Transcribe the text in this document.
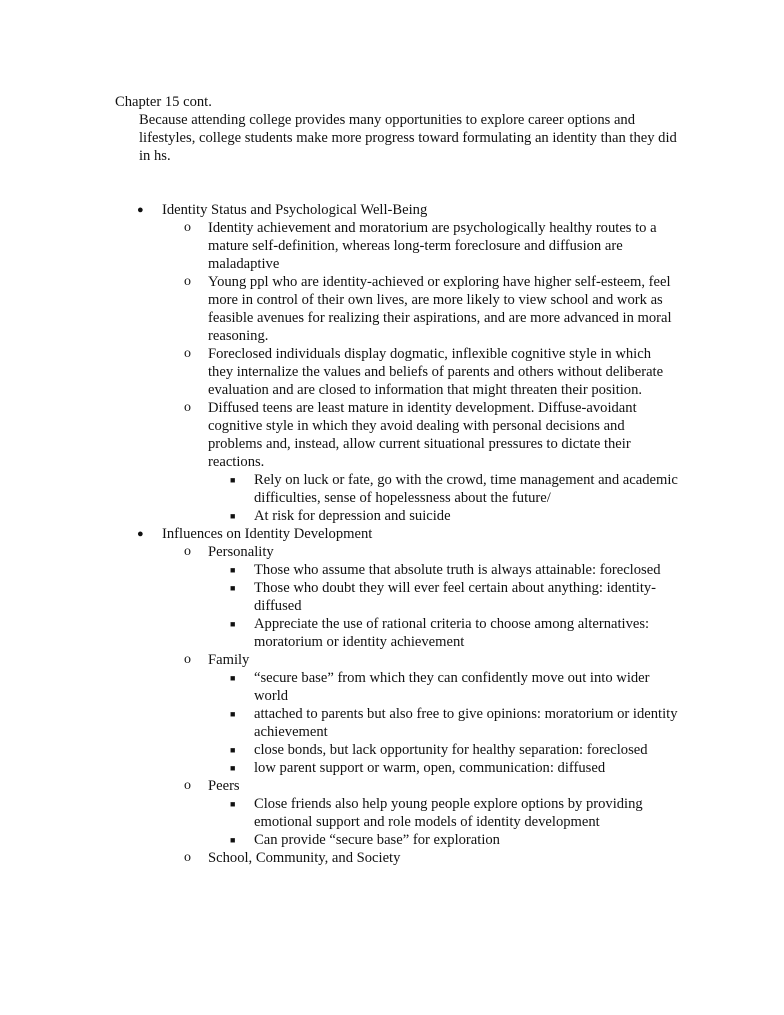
Chapter 15 cont.

Because attending college provides many opportunities to explore career options and lifestyles, college students make more progress toward formulating an identity than they did in hs.

● Identity Status and Psychological Well-Being
o Identity achievement and moratorium are psychologically healthy routes to a mature self-definition, whereas long-term foreclosure and diffusion are maladaptive
o Young ppl who are identity-achieved or exploring have higher self-esteem, feel more in control of their own lives, are more likely to view school and work as feasible avenues for realizing their aspirations, and are more advanced in moral reasoning.
o Foreclosed individuals display dogmatic, inflexible cognitive style in which they internalize the values and beliefs of parents and others without deliberate evaluation and are closed to information that might threaten their position.
o Diffused teens are least mature in identity development. Diffuse-avoidant cognitive style in which they avoid dealing with personal decisions and problems and, instead, allow current situational pressures to dictate their reactions.
■ Rely on luck or fate, go with the crowd, time management and academic difficulties, sense of hopelessness about the future/
■ At risk for depression and suicide
● Influences on Identity Development
o Personality
■ Those who assume that absolute truth is always attainable: foreclosed
■ Those who doubt they will ever feel certain about anything: identity- diffused
■ Appreciate the use of rational criteria to choose among alternatives: moratorium or identity achievement
o Family
■ “secure base” from which they can confidently move out into wider world
■ attached to parents but also free to give opinions: moratorium or identity achievement
■ close bonds, but lack opportunity for healthy separation: foreclosed
■ low parent support or warm, open, communication: diffused
o Peers
■ Close friends also help young people explore options by providing emotional support and role models of identity development
■ Can provide “secure base” for exploration
o School, Community, and Society
